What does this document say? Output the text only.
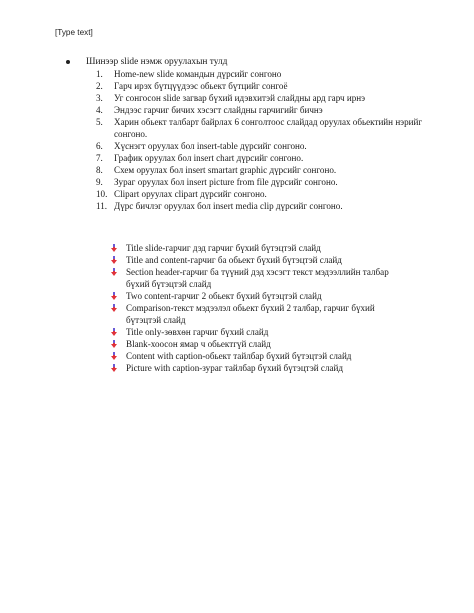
[Type text]
Шинээр slide нэмж оруулахын тулд
1. Home-new slide командын дүрсийг сонгоно
2. Гарч ирэх бүтцүүдээс обьект бүтцийг сонгоё
3. Уг сонгосон slide загвар бүхий идэвхитэй слайдны ард гарч ирнэ
4. Эндээс гарчиг бичих хэсэгт слайдны гарчигийг бичнэ
5. Харин обьект талбарт байрлах 6 сонголтоос слайдад оруулах обьектийн нэрийг сонгоно.
6. Хүснэгт оруулах бол insert-table дүрсийг сонгоно.
7. График оруулах бол insert chart дүрсийг сонгоно.
8. Схем оруулах бол insert smartart graphic дүрсийг сонгоно.
9. Зураг оруулах бол insert picture from file дүрсийг сонгоно.
10. Clipart оруулах clipart дүрсийг сонгоно.
11. Дүрс бичлэг оруулах бол insert media clip дүрсийг сонгоно.
Title slide-гарчиг дэд гарчиг бүхий бүтэцтэй слайд
Title and content-гарчиг ба обьект бүхий бүтэцтэй слайд
Section header-гарчиг ба түүний дэд хэсэгт текст мэдээллийн талбар бүхий бүтэцтэй слайд
Two content-гарчиг 2 обьект бүхий бүтэцтэй слайд
Comparison-текст мэдээлэл обьект бүхий 2 талбар, гарчиг бүхий бүтэцтэй слайд
Title only-зөвхөн гарчиг бүхий слайд
Blank-хоосон ямар ч обьектгүй слайд
Content with caption-обьект тайлбар бүхий бүтэцтэй слайд
Picture with caption-зураг тайлбар бүхий бүтэцтэй слайд
